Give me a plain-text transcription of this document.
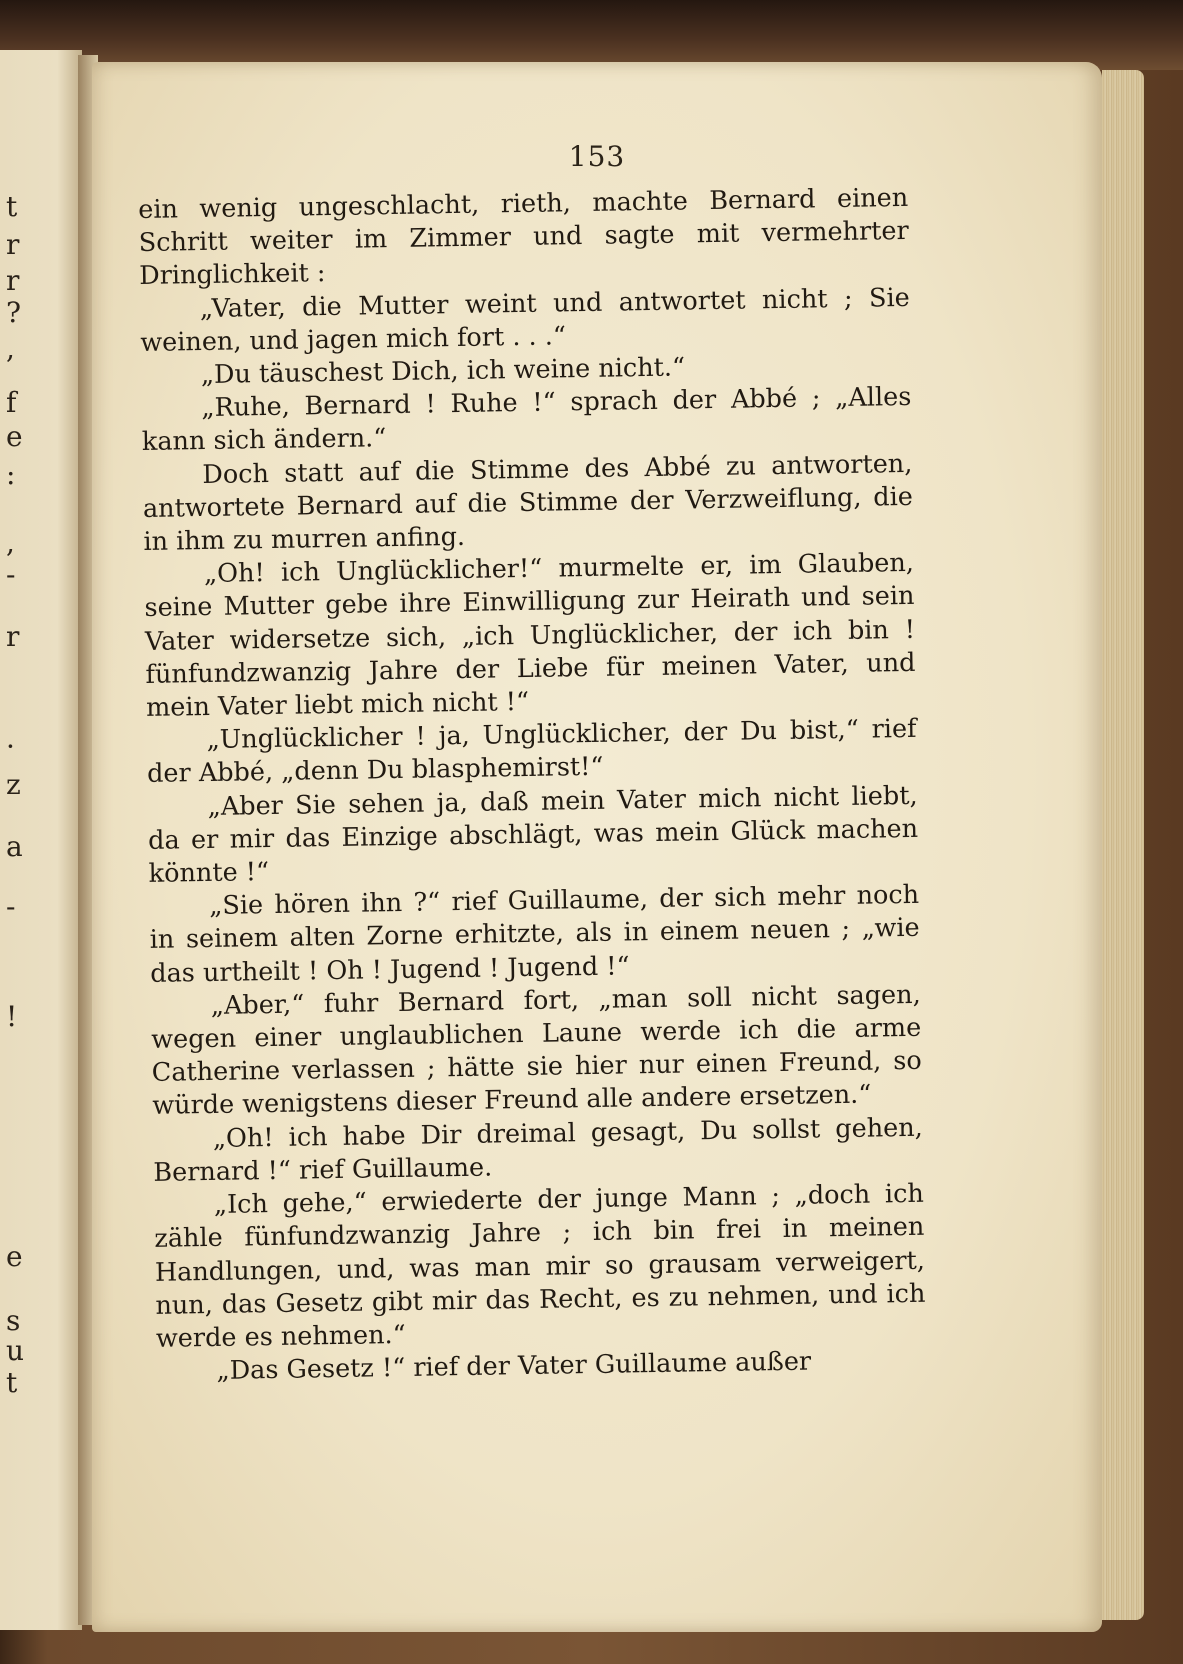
t
r
r
?
,
f
e
:
-
,
r
·
z
a
-
!
e
s
u
t
153

ein wenig ungeschlacht, rieth, machte Bernard einen Schritt weiter im Zimmer und sagte mit vermehrter Dringlichkeit :

„Vater, die Mutter weint und antwortet nicht ; Sie weinen, und jagen mich fort . . .“

„Du täuschest Dich, ich weine nicht.“

„Ruhe, Bernard ! Ruhe !“ sprach der Abbé ; „Alles kann sich ändern.“

Doch statt auf die Stimme des Abbé zu antworten, antwortete Bernard auf die Stimme der Verzweiflung, die in ihm zu murren anfing.

„Oh! ich Unglücklicher!“ murmelte er, im Glauben, seine Mutter gebe ihre Einwilligung zur Heirath und sein Vater widersetze sich, „ich Unglücklicher, der ich bin ! fünfundzwanzig Jahre der Liebe für meinen Vater, und mein Vater liebt mich nicht !“

„Unglücklicher ! ja, Unglücklicher, der Du bist,“ rief der Abbé, „denn Du blasphemirst!“

„Aber Sie sehen ja, daß mein Vater mich nicht liebt, da er mir das Einzige abschlägt, was mein Glück machen könnte !“

„Sie hören ihn ?“ rief Guillaume, der sich mehr noch in seinem alten Zorne erhitzte, als in einem neuen ; „wie das urtheilt ! Oh ! Jugend ! Jugend !“

„Aber,“ fuhr Bernard fort, „man soll nicht sagen, wegen einer unglaublichen Laune werde ich die arme Catherine verlassen ; hätte sie hier nur einen Freund, so würde wenigstens dieser Freund alle andere ersetzen.“

„Oh! ich habe Dir dreimal gesagt, Du sollst gehen, Bernard !“ rief Guillaume.

„Ich gehe,“ erwiederte der junge Mann ; „doch ich zähle fünfundzwanzig Jahre ; ich bin frei in meinen Handlungen, und, was man mir so grausam verweigert, nun, das Gesetz gibt mir das Recht, es zu nehmen, und ich werde es nehmen.“

„Das Gesetz !“ rief der Vater Guillaume außer
